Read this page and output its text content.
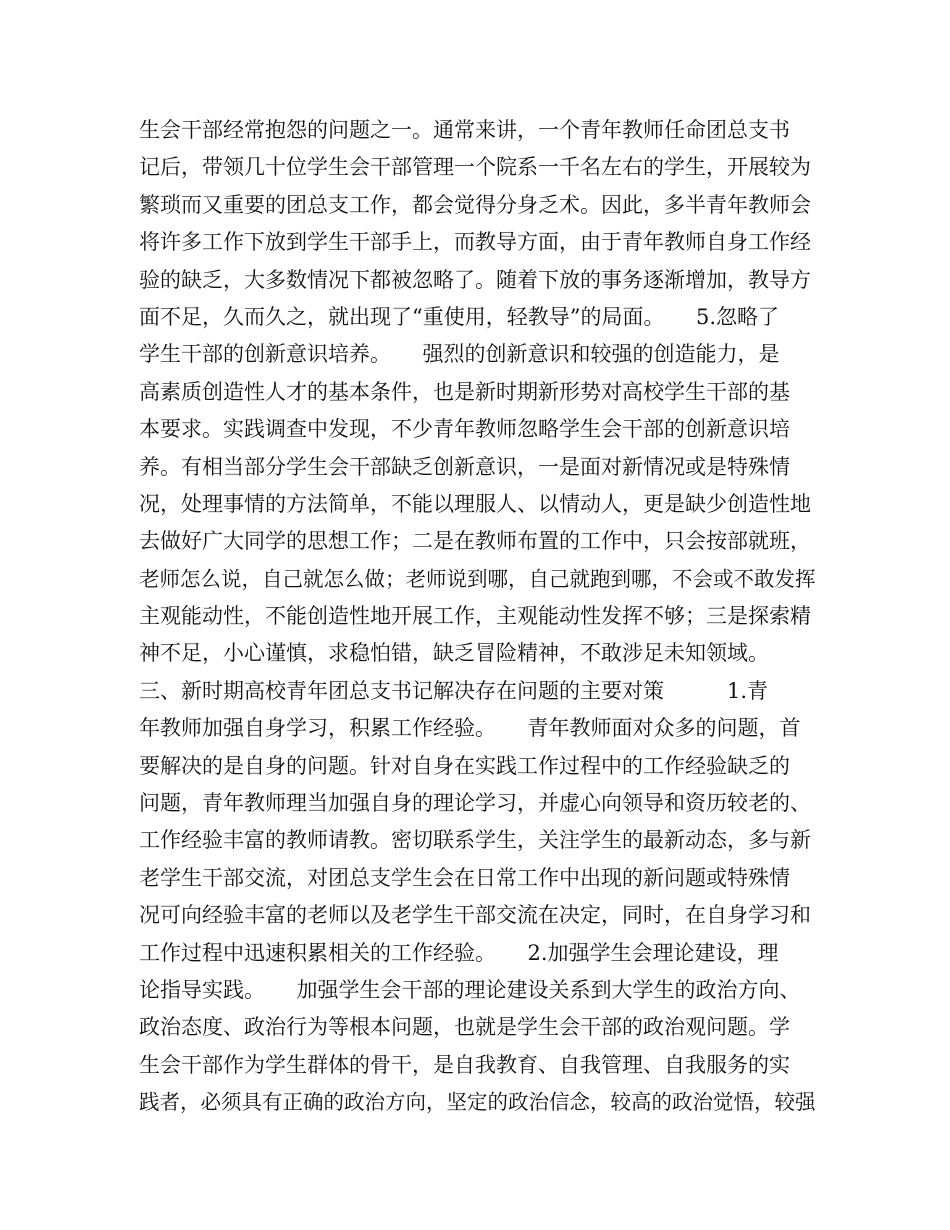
生会干部经常抱怨的问题之一。通常来讲，一个青年教师任命团总支书
记后，带领几十位学生会干部管理一个院系一千名左右的学生，开展较为
繁琐而又重要的团总支工作，都会觉得分身乏术。因此，多半青年教师会
将许多工作下放到学生干部手上，而教导方面，由于青年教师自身工作经
验的缺乏，大多数情况下都被忽略了。随着下放的事务逐渐增加，教导方
面不足，久而久之，就出现了“重使用，轻教导”的局面。　　5.忽略了
学生干部的创新意识培养。　　强烈的创新意识和较强的创造能力，是
高素质创造性人才的基本条件，也是新时期新形势对高校学生干部的基
本要求。实践调查中发现，不少青年教师忽略学生会干部的创新意识培
养。有相当部分学生会干部缺乏创新意识，一是面对新情况或是特殊情
况，处理事情的方法简单，不能以理服人、以情动人，更是缺少创造性地
去做好广大同学的思想工作；二是在教师布置的工作中，只会按部就班，
老师怎么说，自己就怎么做；老师说到哪，自己就跑到哪，不会或不敢发挥
主观能动性，不能创造性地开展工作，主观能动性发挥不够；三是探索精
神不足，小心谨慎，求稳怕错，缺乏冒险精神，不敢涉足未知领域。
三、新时期高校青年团总支书记解决存在问题的主要对策　　　1.青
年教师加强自身学习，积累工作经验。　　青年教师面对众多的问题，首
要解决的是自身的问题。针对自身在实践工作过程中的工作经验缺乏的
问题，青年教师理当加强自身的理论学习，并虚心向领导和资历较老的、
工作经验丰富的教师请教。密切联系学生，关注学生的最新动态，多与新
老学生干部交流，对团总支学生会在日常工作中出现的新问题或特殊情
况可向经验丰富的老师以及老学生干部交流在决定，同时，在自身学习和
工作过程中迅速积累相关的工作经验。　　2.加强学生会理论建设，理
论指导实践。　　加强学生会干部的理论建设关系到大学生的政治方向、
政治态度、政治行为等根本问题，也就是学生会干部的政治观问题。学
生会干部作为学生群体的骨干，是自我教育、自我管理、自我服务的实
践者，必须具有正确的政治方向，坚定的政治信念，较高的政治觉悟，较强
